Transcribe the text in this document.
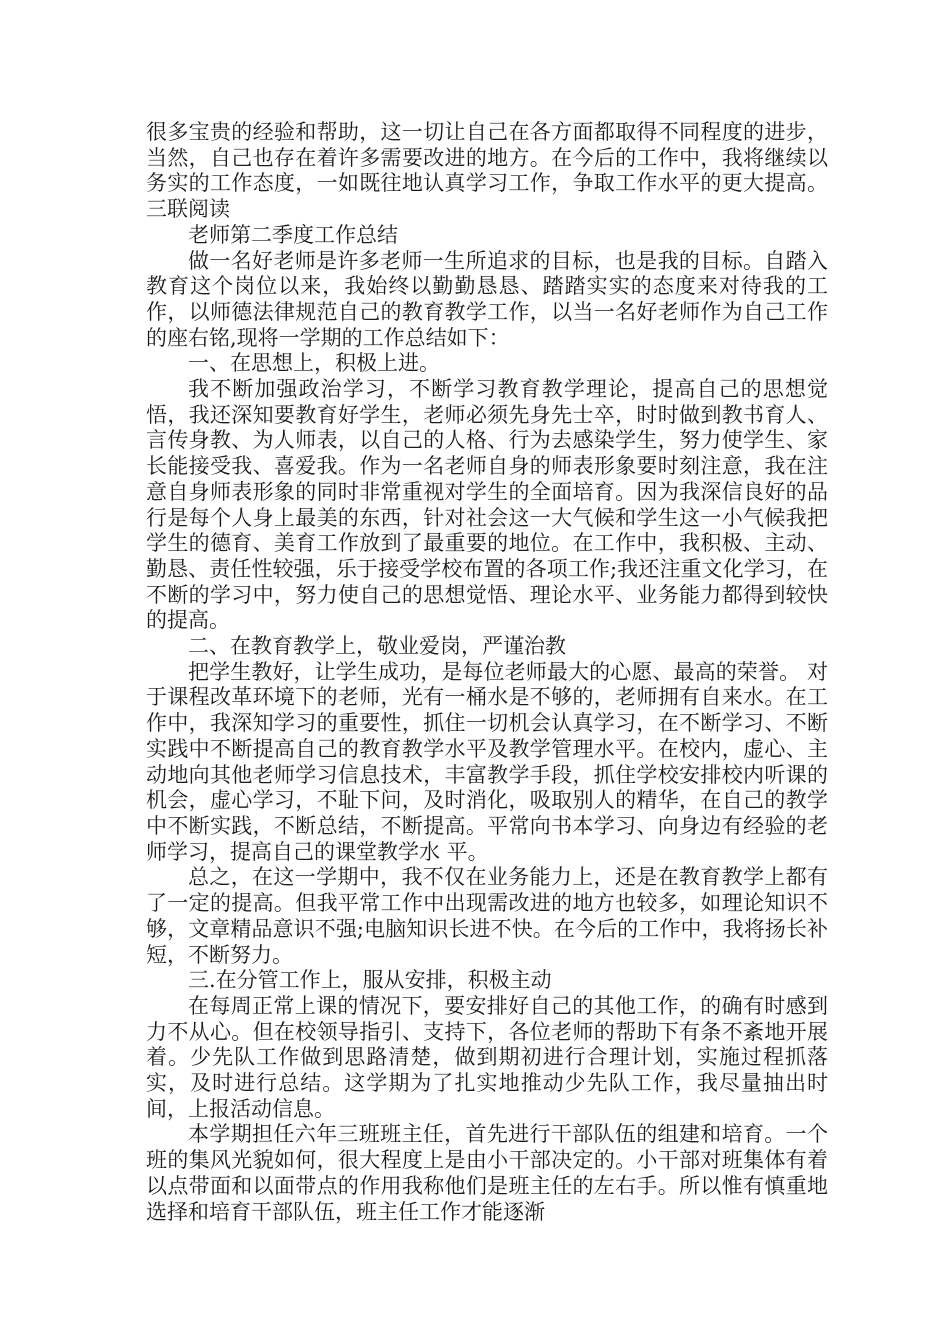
很多宝贵的经验和帮助，这一切让自己在各方面都取得不同程度的进步，当然，自己也存在着许多需要改进的地方。在今后的工作中，我将继续以务实的工作态度，一如既往地认真学习工作，争取工作水平的更大提高。三联阅读

老师第二季度工作总结

做一名好老师是许多老师一生所追求的目标，也是我的目标。自踏入教育这个岗位以来，我始终以勤勤恳恳、踏踏实实的态度来对待我的工作，以师德法律规范自己的教育教学工作，以当一名好老师作为自己工作的座右铭,现将一学期的工作总结如下：

一、在思想上，积极上进。

我不断加强政治学习，不断学习教育教学理论，提高自己的思想觉悟，我还深知要教育好学生，老师必须先身先士卒，时时做到教书育人、言传身教、为人师表，以自己的人格、行为去感染学生，努力使学生、家长能接受我、喜爱我。作为一名老师自身的师表形象要时刻注意，我在注意自身师表形象的同时非常重视对学生的全面培育。因为我深信良好的品行是每个人身上最美的东西，针对社会这一大气候和学生这一小气候我把学生的德育、美育工作放到了最重要的地位。在工作中，我积极、主动、勤恳、责任性较强，乐于接受学校布置的各项工作;我还注重文化学习，在不断的学习中，努力使自己的思想觉悟、理论水平、业务能力都得到较快的提高。

二、在教育教学上，敬业爱岗，严谨治教

把学生教好，让学生成功，是每位老师最大的心愿、最高的荣誉。 对于课程改革环境下的老师，光有一桶水是不够的，老师拥有自来水。在工作中，我深知学习的重要性，抓住一切机会认真学习，在不断学习、不断实践中不断提高自己的教育教学水平及教学管理水平。在校内，虚心、主动地向其他老师学习信息技术，丰富教学手段，抓住学校安排校内听课的机会，虚心学习，不耻下问，及时消化，吸取别人的精华，在自己的教学中不断实践，不断总结，不断提高。平常向书本学习、向身边有经验的老师学习，提高自己的课堂教学水 平。

总之，在这一学期中，我不仅在业务能力上，还是在教育教学上都有了一定的提高。但我平常工作中出现需改进的地方也较多，如理论知识不够，文章精品意识不强;电脑知识长进不快。在今后的工作中，我将扬长补短，不断努力。

三.在分管工作上，服从安排，积极主动

在每周正常上课的情况下，要安排好自己的其他工作，的确有时感到力不从心。但在校领导指引、支持下，各位老师的帮助下有条不紊地开展着。少先队工作做到思路清楚，做到期初进行合理计划，实施过程抓落实，及时进行总结。这学期为了扎实地推动少先队工作，我尽量抽出时间，上报活动信息。

本学期担任六年三班班主任，首先进行干部队伍的组建和培育。一个班的集风光貌如何，很大程度上是由小干部决定的。小干部对班集体有着以点带面和以面带点的作用我称他们是班主任的左右手。所以惟有慎重地选择和培育干部队伍，班主任工作才能逐渐
